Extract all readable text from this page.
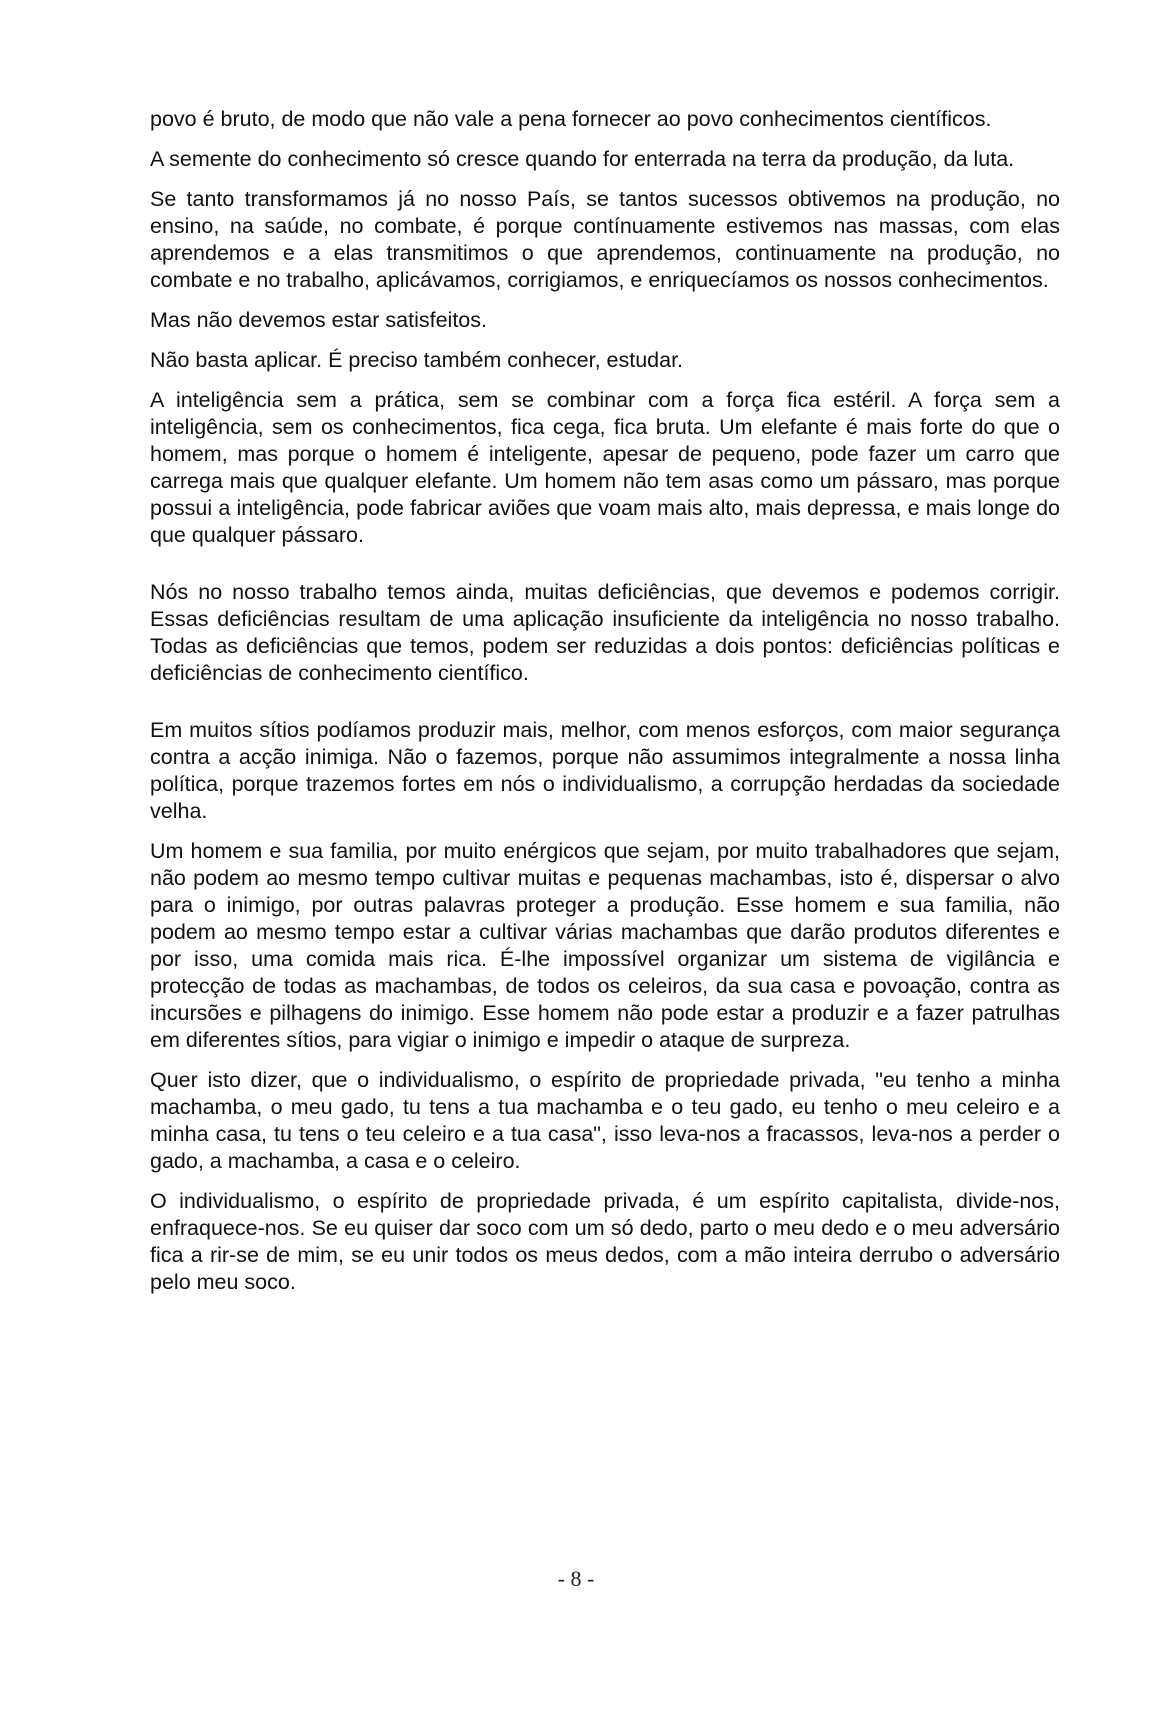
povo é bruto, de modo que não vale a pena fornecer ao povo conhecimentos científicos.

A semente do conhecimento só cresce quando for enterrada na terra da produção, da luta.

Se tanto transformamos já no nosso País, se tantos sucessos obtivemos na produção, no ensino, na saúde, no combate, é porque contínuamente estivemos nas massas, com elas aprendemos e a elas transmitimos o que aprendemos, continuamente na produção, no combate e no trabalho, aplicávamos, corrigiamos, e enriquecíamos os nossos conhecimentos.

Mas não devemos estar satisfeitos.

Não basta aplicar. É preciso também conhecer, estudar.

A inteligência sem a prática, sem se combinar com a força fica estéril. A força sem a inteligência, sem os conhecimentos, fica cega, fica bruta. Um elefante é mais forte do que o homem, mas porque o homem é inteligente, apesar de pequeno, pode fazer um carro que carrega mais que qualquer elefante. Um homem não tem asas como um pássaro, mas porque possui a inteligência, pode fabricar aviões que voam mais alto, mais depressa, e mais longe do que qualquer pássaro.

Nós no nosso trabalho temos ainda, muitas deficiências, que devemos e podemos corrigir. Essas deficiências resultam de uma aplicação insuficiente da inteligência no nosso trabalho. Todas as deficiências que temos, podem ser reduzidas a dois pontos: deficiências políticas e deficiências de conhecimento científico.

Em muitos sítios podíamos produzir mais, melhor, com menos esforços, com maior segurança contra a acção inimiga. Não o fazemos, porque não assumimos integralmente a nossa linha política, porque trazemos fortes em nós o individualismo, a corrupção herdadas da sociedade velha.

Um homem e sua familia, por muito enérgicos que sejam, por muito trabalhadores que sejam, não podem ao mesmo tempo cultivar muitas e pequenas machambas, isto é, dispersar o alvo para o inimigo, por outras palavras proteger a produção. Esse homem e sua familia, não podem ao mesmo tempo estar a cultivar várias machambas que darão produtos diferentes e por isso, uma comida mais rica. É-lhe impossível organizar um sistema de vigilância e protecção de todas as machambas, de todos os celeiros, da sua casa e povoação, contra as incursões e pilhagens do inimigo. Esse homem não pode estar a produzir e a fazer patrulhas em diferentes sítios, para vigiar o inimigo e impedir o ataque de surpreza.

Quer isto dizer, que o individualismo, o espírito de propriedade privada, "eu tenho a minha machamba, o meu gado, tu tens a tua machamba e o teu gado, eu tenho o meu celeiro e a minha casa, tu tens o teu celeiro e a tua casa", isso leva-nos a fracassos, leva-nos a perder o gado, a machamba, a casa e o celeiro.

O individualismo, o espírito de propriedade privada, é um espírito capitalista, divide-nos, enfraquece-nos. Se eu quiser dar soco com um só dedo, parto o meu dedo e o meu adversário fica a rir-se de mim, se eu unir todos os meus dedos, com a mão inteira derrubo o adversário pelo meu soco.

- 8 -
